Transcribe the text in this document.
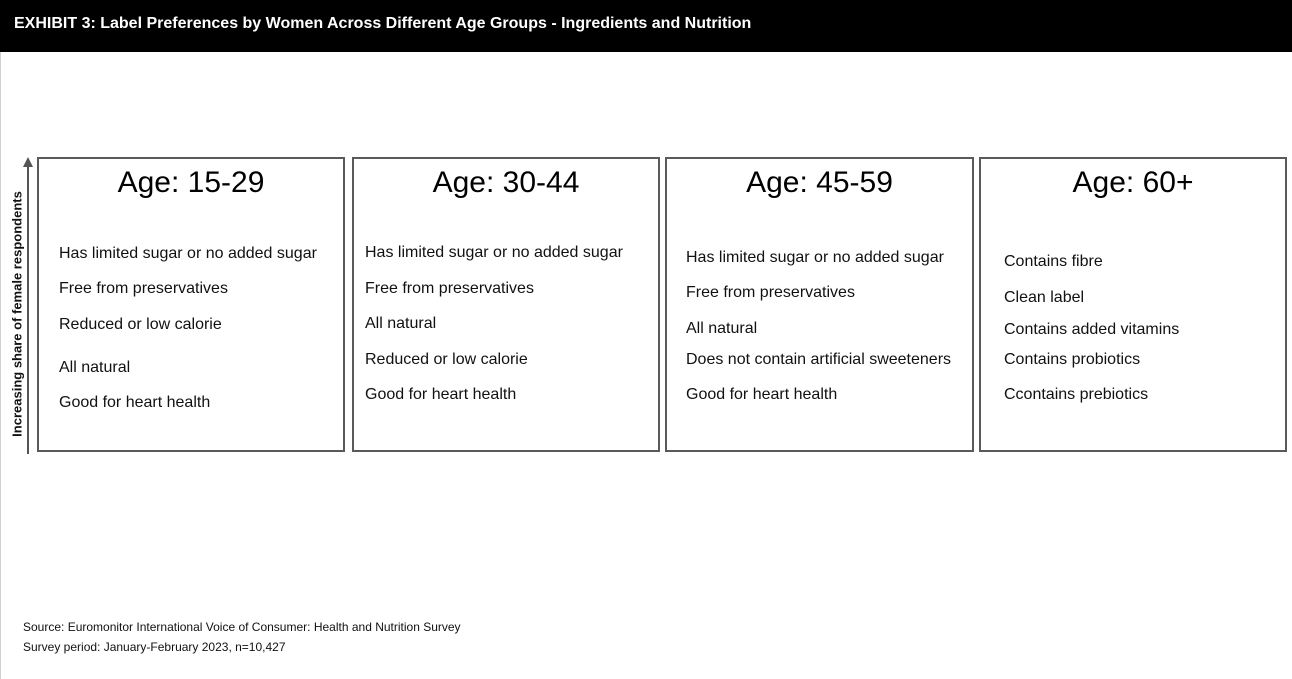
EXHIBIT 3: Label Preferences by Women Across Different Age Groups - Ingredients and Nutrition
Increasing share of female respondents
Age: 15-29
Has limited sugar or no added sugar
Free from preservatives
Reduced or low calorie
All natural
Good for heart health
Age: 30-44
Has limited sugar or no added sugar
Free from preservatives
All natural
Reduced or low calorie
Good for heart health
Age: 45-59
Has limited sugar or no added sugar
Free from preservatives
All natural
Does not contain artificial sweeteners
Good for heart health
Age: 60+
Contains fibre
Clean label
Contains added vitamins
Contains probiotics
Ccontains prebiotics
Source: Euromonitor International Voice of Consumer: Health and Nutrition Survey
Survey period: January-February 2023, n=10,427
